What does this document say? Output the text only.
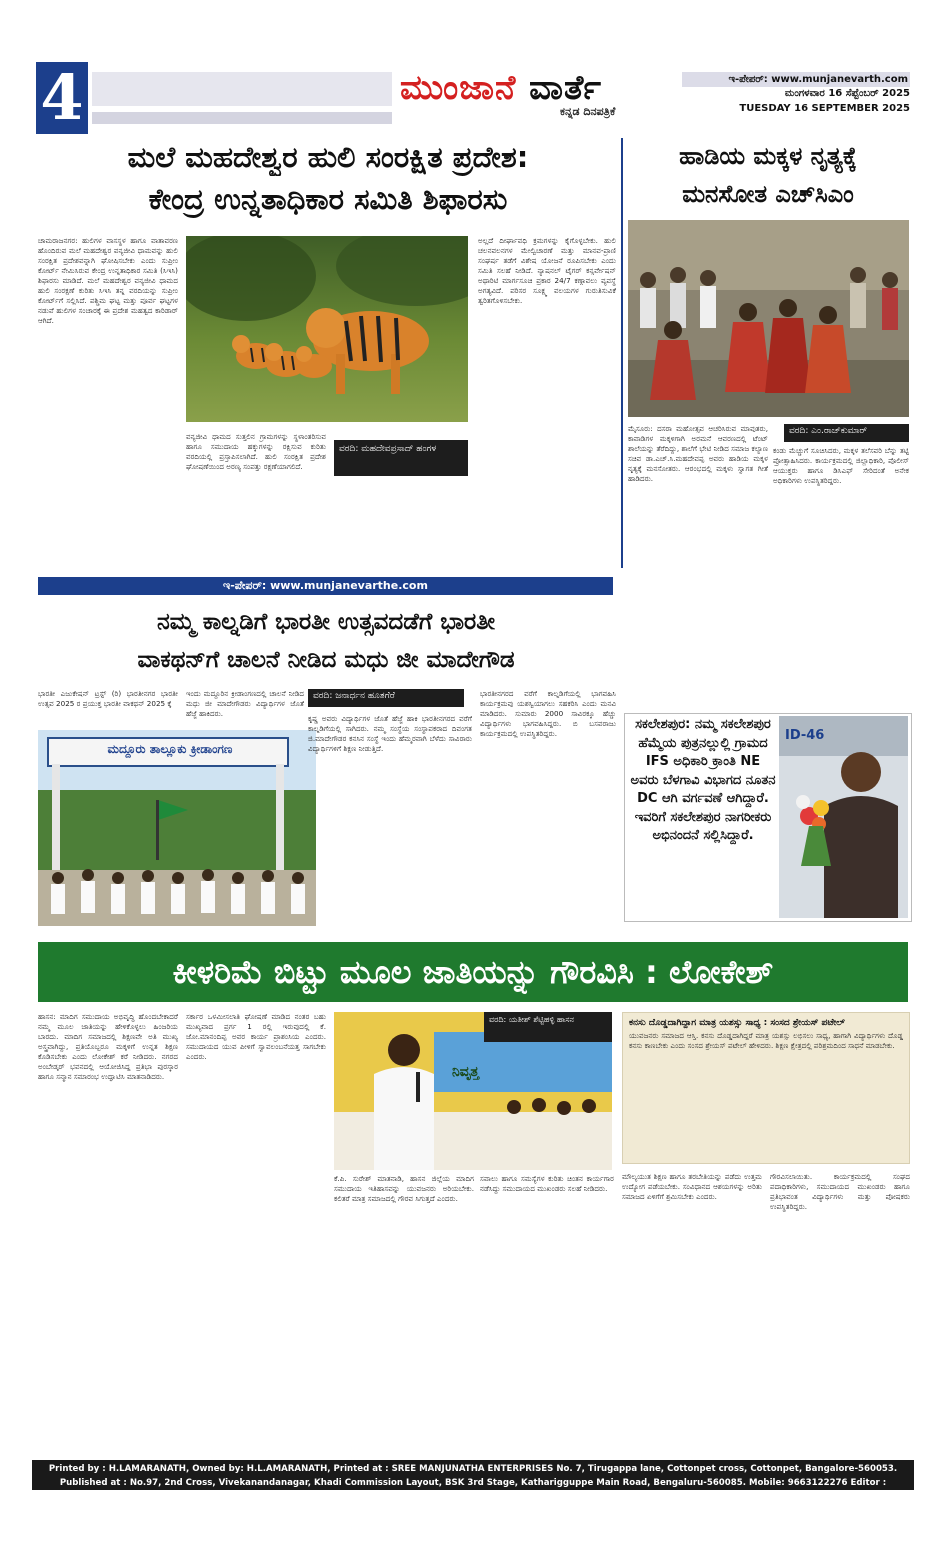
4	ಮುಂಜಾನೆ ವಾರ್ತೆ
ಕನ್ನಡ ದಿನಪತ್ರಿಕೆ
ಇ-ಪೇಪರ್: www.munjanevarth.com
ಮಂಗಳವಾರ 16 ಸೆಪ್ಟೆಂಬರ್ 2025
TUESDAY 16 SEPTEMBER 2025
ಮಲೆ ಮಹದೇಶ್ವರ ಹುಲಿ ಸಂರಕ್ಷಿತ ಪ್ರದೇಶ:
ಕೇಂದ್ರ ಉನ್ನತಾಧಿಕಾರ ಸಮಿತಿ ಶಿಫಾರಸು
ಚಾಮರಾಜನಗರ: ಹುಲಿಗಳ ವಾಸಸ್ಥಳ ಹಾಗೂ ವಾತಾವರಣ ಹೊಂದಿರುವ ಮಲೆ ಮಹದೇಶ್ವರ ವನ್ಯಜೀವಿ ಧಾಮವನ್ನು ಹುಲಿ ಸಂರಕ್ಷಿತ ಪ್ರದೇಶವನ್ನಾಗಿ ಘೋಷಿಸಬೇಕು ಎಂದು ಸುಪ್ರೀಂ ಕೋರ್ಟ್ ನೇಮಿಸಿರುವ ಕೇಂದ್ರ ಉನ್ನತಾಧಿಕಾರ ಸಮಿತಿ (ಸಿಇಸಿ) ಶಿಫಾರಸು ಮಾಡಿದೆ. ಮಲೆ ಮಹದೇಶ್ವರ ವನ್ಯಜೀವಿ ಧಾಮದ ಹುಲಿ ಸಂರಕ್ಷಣೆ ಕುರಿತು ಸಿಇಸಿ ತನ್ನ ವರದಿಯನ್ನು ಸುಪ್ರೀಂ ಕೋರ್ಟ್‌ಗೆ ಸಲ್ಲಿಸಿದೆ. ಪಶ್ಚಿಮ ಘಟ್ಟ ಮತ್ತು ಪೂರ್ವ ಘಟ್ಟಗಳ ನಡುವೆ ಹುಲಿಗಳ ಸಂಚಾರಕ್ಕೆ ಈ ಪ್ರದೇಶ ಮಹತ್ವದ ಕಾರಿಡಾರ್ ಆಗಿದೆ.
ವರದಿ: ಮಹದೇವಪ್ರಸಾದ್ ಹಂಗಳ
ವನ್ಯಜೀವಿ ಧಾಮದ ಸುತ್ತಲಿನ ಗ್ರಾಮಗಳನ್ನು ಸ್ಥಳಾಂತರಿಸುವ ಹಾಗೂ ಸಮುದಾಯ ಹಕ್ಕುಗಳನ್ನು ರಕ್ಷಿಸುವ ಕುರಿತು ವರದಿಯಲ್ಲಿ ಪ್ರಸ್ತಾಪಿಸಲಾಗಿದೆ. ಹುಲಿ ಸಂರಕ್ಷಿತ ಪ್ರದೇಶ ಘೋಷಣೆಯಿಂದ ಅರಣ್ಯ ಸಂಪತ್ತು ರಕ್ಷಣೆಯಾಗಲಿದೆ.
ಅಲ್ಲದೆ ದೀರ್ಘಾವಧಿ ಕ್ರಮಗಳನ್ನು ಕೈಗೊಳ್ಳಬೇಕು. ಹುಲಿ ಚಲನವಲನಗಳ ಮೇಲ್ವಿಚಾರಣೆ ಮತ್ತು ಮಾನವ-ಪ್ರಾಣಿ ಸಂಘರ್ಷ ತಡೆಗೆ ವಿಶೇಷ ಯೋಜನೆ ರೂಪಿಸಬೇಕು ಎಂದು ಸಮಿತಿ ಸಲಹೆ ನೀಡಿದೆ. ನ್ಯಾಷನಲ್ ಟೈಗರ್ ಕನ್ಸರ್ವೇಷನ್ ಅಥಾರಿಟಿ ಮಾರ್ಗಸೂಚಿ ಪ್ರಕಾರ 24/7 ಕಣ್ಗಾವಲು ವ್ಯವಸ್ಥೆ ಅಗತ್ಯವಿದೆ. ಪರಿಸರ ಸೂಕ್ಷ್ಮ ವಲಯಗಳ ಗುರುತಿಸುವಿಕೆ ತ್ವರಿತಗೊಳಿಸಬೇಕು.
ಹಾಡಿಯ ಮಕ್ಕಳ ನೃತ್ಯಕ್ಕೆ
ಮನಸೋತ ಎಚ್‌ಸಿಎಂ
ವರದಿ: ಎಂ.ರಾಜ್‌ಕುಮಾರ್
ಮೈಸೂರು: ದಸರಾ ಮಹೋತ್ಸವ ಆಚರಿಸಿರುವ ಮಾವುತರು, ಕಾವಾಡಿಗಳ ಮಕ್ಕಳಿಗಾಗಿ ಅರಮನೆ ಆವರಣದಲ್ಲಿ ಟೆಂಟ್ ಶಾಲೆಯನ್ನು ತೆರೆದಿದ್ದು, ಶಾಲೆಗೆ ಭೇಟಿ ನೀಡಿದ ಸಮಾಜ ಕಲ್ಯಾಣ ಸಚಿವ ಡಾ.ಎಚ್.ಸಿ.ಮಹದೇವಪ್ಪ ಅವರು ಹಾಡಿಯ ಮಕ್ಕಳ ನೃತ್ಯಕ್ಕೆ ಮನಸೋತರು. ಆರಂಭದಲ್ಲಿ ಮಕ್ಕಳು ಸ್ವಾಗತ ಗೀತೆ ಹಾಡಿದರು.
ಕಂಡು ಮೆಚ್ಚುಗೆ ಸೂಚಿಸಿದರು, ಮಕ್ಕಳ ತಲೆಸವರಿ ಬೆನ್ನು ತಟ್ಟಿ ಪ್ರೋತ್ಸಾಹಿಸಿದರು. ಕಾರ್ಯಕ್ರಮದಲ್ಲಿ ಜಿಲ್ಲಾಧಿಕಾರಿ, ಪೊಲೀಸ್ ಆಯುಕ್ತರು ಹಾಗೂ ಡಿಸಿಎಫ್ ಸೇರಿದಂತೆ ಅನೇಕ ಅಧಿಕಾರಿಗಳು ಉಪಸ್ಥಿತರಿದ್ದರು.
ಇ-ಪೇಪರ್: www.munjanevarthe.com
ನಮ್ಮ ಕಾಲ್ನಡಿಗೆ ಭಾರತೀ ಉತ್ಸವದಡೆಗೆ ಭಾರತೀ
ವಾಕಥನ್‌ಗೆ ಚಾಲನೆ ನೀಡಿದ ಮಧು ಜೀ ಮಾದೇಗೌಡ
ಭಾರತೀ ಎಜುಕೇಷನ್ ಟ್ರಸ್ಟ್ (ರಿ) ಭಾರತೀನಗರ ಭಾರತೀ ಉತ್ಸವ 2025 ರ ಪ್ರಯುಕ್ತ ಭಾರತೀ ವಾಕಥನ್ 2025 ಕ್ಕೆ
ಇಂದು ಮದ್ದೂರಿನ ಕ್ರೀಡಾಂಗಣದಲ್ಲಿ ಚಾಲನೆ ನೀಡಿದ ಮಧು ಜೀ ಮಾದೇಗೌಡರು ವಿದ್ಯಾರ್ಥಿಗಳ ಜೊತೆ ಹೆಜ್ಜೆ ಹಾಕಿದರು.
ವರದಿ: ಜನಾರ್ಧನ ಹೂತಗೆರೆ
ಮದ್ದೂರು ತಾಲ್ಲೂಕು ಕ್ರೀಡಾಂಗಣ
ಕೃಷ್ಣ ಅವರು ವಿದ್ಯಾರ್ಥಿಗಳ ಜೊತೆ ಹೆಜ್ಜೆ ಹಾಕಿ ಭಾರತೀನಗರದ ವರೆಗೆ ಕಾಲ್ನಡಿಗೆಯಲ್ಲಿ ಸಾಗಿದರು. ನಮ್ಮ ಸಂಸ್ಥೆಯ ಸಂಸ್ಥಾಪಕರಾದ ದಿವಂಗತ ಜಿ.ಮಾದೇಗೌಡರ ಕನಸಿನ ಸಂಸ್ಥೆ ಇಂದು ಹೆಮ್ಮರವಾಗಿ ಬೆಳೆದು ಸಾವಿರಾರು ವಿದ್ಯಾರ್ಥಿಗಳಿಗೆ ಶಿಕ್ಷಣ ನೀಡುತ್ತಿದೆ.
ಭಾರತೀನಗರದ ವರೆಗೆ ಕಾಲ್ನಡಿಗೆಯಲ್ಲಿ ಭಾಗವಹಿಸಿ ಕಾರ್ಯಕ್ರಮವು ಯಶಸ್ವಿಯಾಗಲು ಸಹಕರಿಸಿ ಎಂದು ಮನವಿ ಮಾಡಿದರು. ಸುಮಾರು 2000 ಸಾವಿರಕ್ಕೂ ಹೆಚ್ಚು ವಿದ್ಯಾರ್ಥಿಗಳು ಭಾಗವಹಿಸಿದ್ದರು. ಬಿ ಬಸವರಾಜು ಕಾರ್ಯಕ್ರಮದಲ್ಲಿ ಉಪಸ್ಥಿತರಿದ್ದರು.
ಸಕಲೇಶಪುರ: ನಮ್ಮ ಸಕಲೇಶಪುರ ಹೆಮ್ಮೆಯ ಪುತ್ರನಲ್ಲುಲ್ಲಿ ಗ್ರಾಮದ IFS ಅಧಿಕಾರಿ ಕ್ರಾಂತಿ NE ಅವರು ಬೆಳಗಾವಿ ವಿಭಾಗದ ನೂತನ DC ಆಗಿ ವರ್ಗವಣೆ ಆಗಿದ್ದಾರೆ. ಇವರಿಗೆ ಸಕಲೇಶಪುರ ನಾಗರೀಕರು ಅಭಿನಂದನೆ ಸಲ್ಲಿಸಿದ್ದಾರೆ.
ID-46
ಕೀಳರಿಮೆ ಬಿಟ್ಟು ಮೂಲ ಜಾತಿಯನ್ನು ಗೌರವಿಸಿ : ಲೋಕೇಶ್
ಹಾಸನ: ಮಾದಿಗ ಸಮುದಾಯ ಅಭಿವೃದ್ಧಿ ಹೊಂದಬೇಕಾದರೆ ನಮ್ಮ ಮೂಲ ಜಾತಿಯನ್ನು ಹೇಳಿಕೊಳ್ಳಲು ಹಿಂಜರಿಯ ಬಾರದು. ಮಾದಿಗ ಸಮಾಜದಲ್ಲಿ ಶಿಕ್ಷಣವೇ ಅತಿ ಮುಖ್ಯ ಅಸ್ತ್ರವಾಗಿದ್ದು, ಪ್ರತಿಯೊಬ್ಬರೂ ಮಕ್ಕಳಿಗೆ ಉನ್ನತ ಶಿಕ್ಷಣ ಕೊಡಿಸಬೇಕು ಎಂದು ಲೋಕೇಶ್ ಕರೆ ನೀಡಿದರು. ನಗರದ ಅಂಬೇಡ್ಕರ್ ಭವನದಲ್ಲಿ ಆಯೋಜಿಸಿದ್ದ ಪ್ರತಿಭಾ ಪುರಸ್ಕಾರ ಹಾಗೂ ಸನ್ಮಾನ ಸಮಾರಂಭ ಉದ್ಘಾಟಿಸಿ ಮಾತನಾಡಿದರು.
ಸರ್ಕಾರ ಒಳಮೀಸಲಾತಿ ಘೋಷಣೆ ಮಾಡಿದ ನಂತರ ಬಹು ಮುಖ್ಯವಾದ ಪ್ರರ್ಗ 1 ರಲ್ಲಿ ಇರುವುದಲ್ಲಿ ಕೆ. ಜೋ.ಮಾನಂದಿಪ್ಪ ಅವರ ಕಾರ್ಯ ಪ್ರಾಶಂಸಿಯ ಎಂದರು. ಸಮುದಾಯದ ಯುವ ಪೀಳಿಗೆ ಸ್ವಾವಲಂಬನೆಯತ್ತ ಸಾಗಬೇಕು ಎಂದರು.
ನಿವೃತ್ತ
ವರದಿ: ಯತೀಶ್ ಶೆಟ್ಟಿಹಳ್ಳಿ ಹಾಸನ
ಕೆ.ಪಿ. ಸುರೇಶ್ ಮಾತನಾಡಿ, ಹಾಸನ ಜಿಲ್ಲೆಯ ಮಾದಿಗ ಸಮುದಾಯ ಇತಿಹಾಸವನ್ನು ಯುವಜನರು ಅರಿಯಬೇಕು. ಕಲಿತರೆ ಮಾತ್ರ ಸಮಾಜದಲ್ಲಿ ಗೌರವ ಸಿಗುತ್ತದೆ ಎಂದರು.
ಸವಾಲು ಹಾಗೂ ಸಮಸ್ಯೆಗಳ ಕುರಿತು ಚಿಂತನ ಕಾರ್ಯಗಾರ ನಡೆಸಿದ್ದು ಸಮುದಾಯದ ಮುಖಂಡರು ಸಲಹೆ ನೀಡಿದರು.
ಕನಸು ದೊಡ್ಡದಾಗಿದ್ದಾಗ ಮಾತ್ರ ಯಶಸ್ಸು ಸಾಧ್ಯ : ಸಂಸದ ಶ್ರೇಯಸ್ ಪಟೇಲ್
ಯುವಜನರು ಸಮಾಜದ ಆಸ್ತಿ. ಕನಸು ದೊಡ್ಡದಾಗಿದ್ದರೆ ಮಾತ್ರ ಯಶಸ್ಸು ಲಭಿಸಲು ಸಾಧ್ಯ, ಹಾಗಾಗಿ ವಿದ್ಯಾರ್ಥಿಗಳು ದೊಡ್ಡ ಕನಸು ಕಾಣಬೇಕು ಎಂದು ಸಂಸದ ಶ್ರೇಯಸ್ ಪಟೇಲ್ ಹೇಳಿದರು. ಶಿಕ್ಷಣ ಕ್ಷೇತ್ರದಲ್ಲಿ ಪರಿಶ್ರಮದಿಂದ ಸಾಧನೆ ಮಾಡಬೇಕು.
ಮೌಲ್ಯಯುತ ಶಿಕ್ಷಣ ಹಾಗೂ ತರಬೇತಿಯನ್ನು ಪಡೆದು ಉತ್ತಮ ಉದ್ಯೋಗ ಪಡೆಯಬೇಕು. ಸಂವಿಧಾನದ ಆಶಯಗಳನ್ನು ಅರಿತು ಸಮಾಜದ ಏಳಿಗೆಗೆ ಶ್ರಮಿಸಬೇಕು ಎಂದರು.
ಗೌರವಿಸಲಾಯಿತು. ಕಾರ್ಯಕ್ರಮದಲ್ಲಿ ಸಂಘದ ಪದಾಧಿಕಾರಿಗಳು, ಸಮುದಾಯದ ಮುಖಂಡರು ಹಾಗೂ ಪ್ರತಿಭಾವಂತ ವಿದ್ಯಾರ್ಥಿಗಳು ಮತ್ತು ಪೋಷಕರು ಉಪಸ್ಥಿತರಿದ್ದರು.
Printed by : H.LAMARANATH, Owned by: H.L.AMARANATH, Printed at : SREE MANJUNATHA ENTERPRISES No. 7, Tirugappa lane, Cottonpet cross, Cottonpet, Bangalore-560053.
Published at : No.97, 2nd Cross, Vivekanandanagar, Khadi Commission Layout, BSK 3rd Stage, Katharigguppe Main Road, Bengaluru-560085. Mobile: 9663122276 Editor : H.L.AMARANATH
